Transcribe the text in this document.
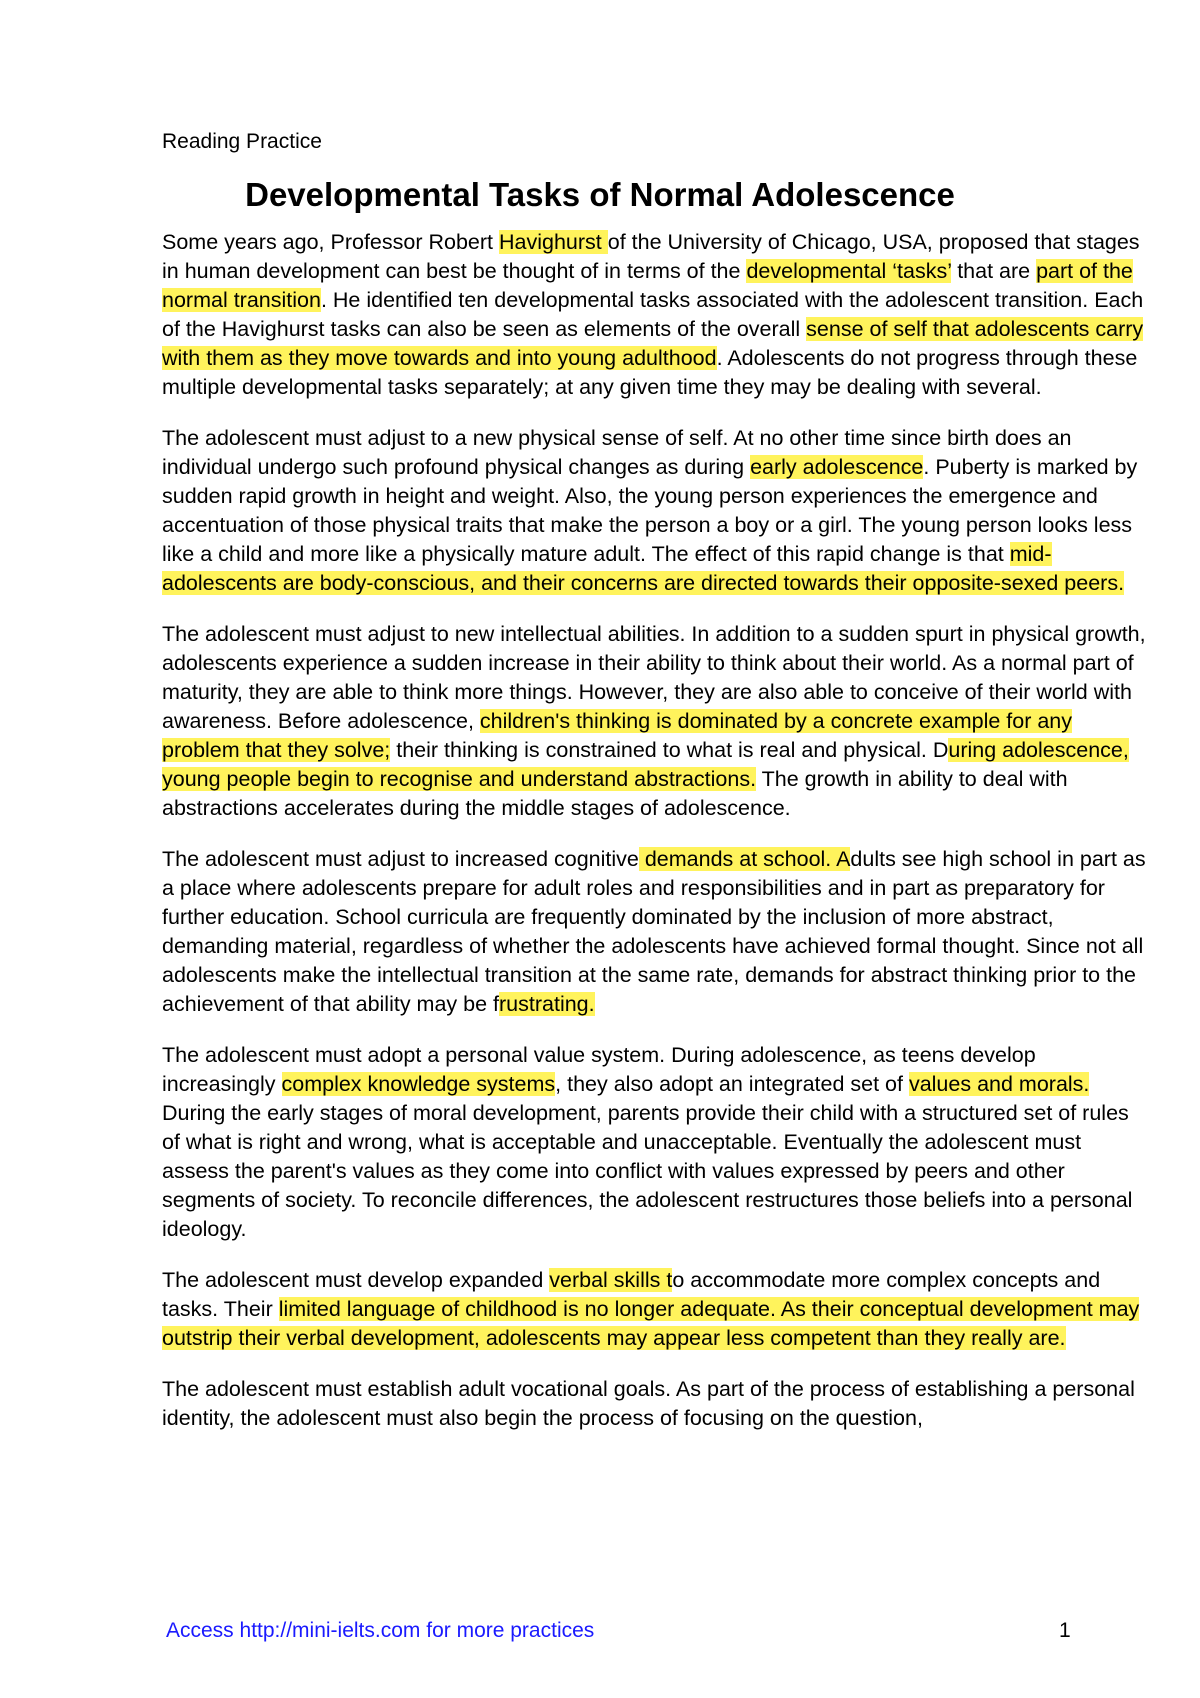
Reading Practice
Developmental Tasks of Normal Adolescence

Some years ago, Professor Robert Havighurst of the University of Chicago, USA, proposed that stages in human development can best be thought of in terms of the developmental ‘tasks’ that are part of the normal transition. He identified ten developmental tasks associated with the adolescent transition. Each of the Havighurst tasks can also be seen as elements of the overall sense of self that adolescents carry with them as they move towards and into young adulthood. Adolescents do not progress through these multiple developmental tasks separately; at any given time they may be dealing with several.

The adolescent must adjust to a new physical sense of self. At no other time since birth does an individual undergo such profound physical changes as during early adolescence. Puberty is marked by sudden rapid growth in height and weight. Also, the young person experiences the emergence and accentuation of those physical traits that make the person a boy or a girl. The young person looks less like a child and more like a physically mature adult. The effect of this rapid change is that mid-adolescents are body-conscious, and their concerns are directed towards their opposite-sexed peers.

The adolescent must adjust to new intellectual abilities. In addition to a sudden spurt in physical growth, adolescents experience a sudden increase in their ability to think about their world. As a normal part of maturity, they are able to think more things. However, they are also able to conceive of their world with awareness. Before adolescence, children's thinking is dominated by a concrete example for any problem that they solve; their thinking is constrained to what is real and physical. During adolescence, young people begin to recognise and understand abstractions. The growth in ability to deal with abstractions accelerates during the middle stages of adolescence.

The adolescent must adjust to increased cognitive demands at school. Adults see high school in part as a place where adolescents prepare for adult roles and responsibilities and in part as preparatory for further education. School curricula are frequently dominated by the inclusion of more abstract, demanding material, regardless of whether the adolescents have achieved formal thought. Since not all adolescents make the intellectual transition at the same rate, demands for abstract thinking prior to the achievement of that ability may be frustrating.

The adolescent must adopt a personal value system. During adolescence, as teens develop increasingly complex knowledge systems, they also adopt an integrated set of values and morals. During the early stages of moral development, parents provide their child with a structured set of rules of what is right and wrong, what is acceptable and unacceptable. Eventually the adolescent must assess the parent's values as they come into conflict with values expressed by peers and other segments of society. To reconcile differences, the adolescent restructures those beliefs into a personal ideology.

The adolescent must develop expanded verbal skills to accommodate more complex concepts and tasks. Their limited language of childhood is no longer adequate. As their conceptual development may outstrip their verbal development, adolescents may appear less competent than they really are.

The adolescent must establish adult vocational goals. As part of the process of establishing a personal identity, the adolescent must also begin the process of focusing on the question,

Access http://mini-ielts.com for more practices	1
